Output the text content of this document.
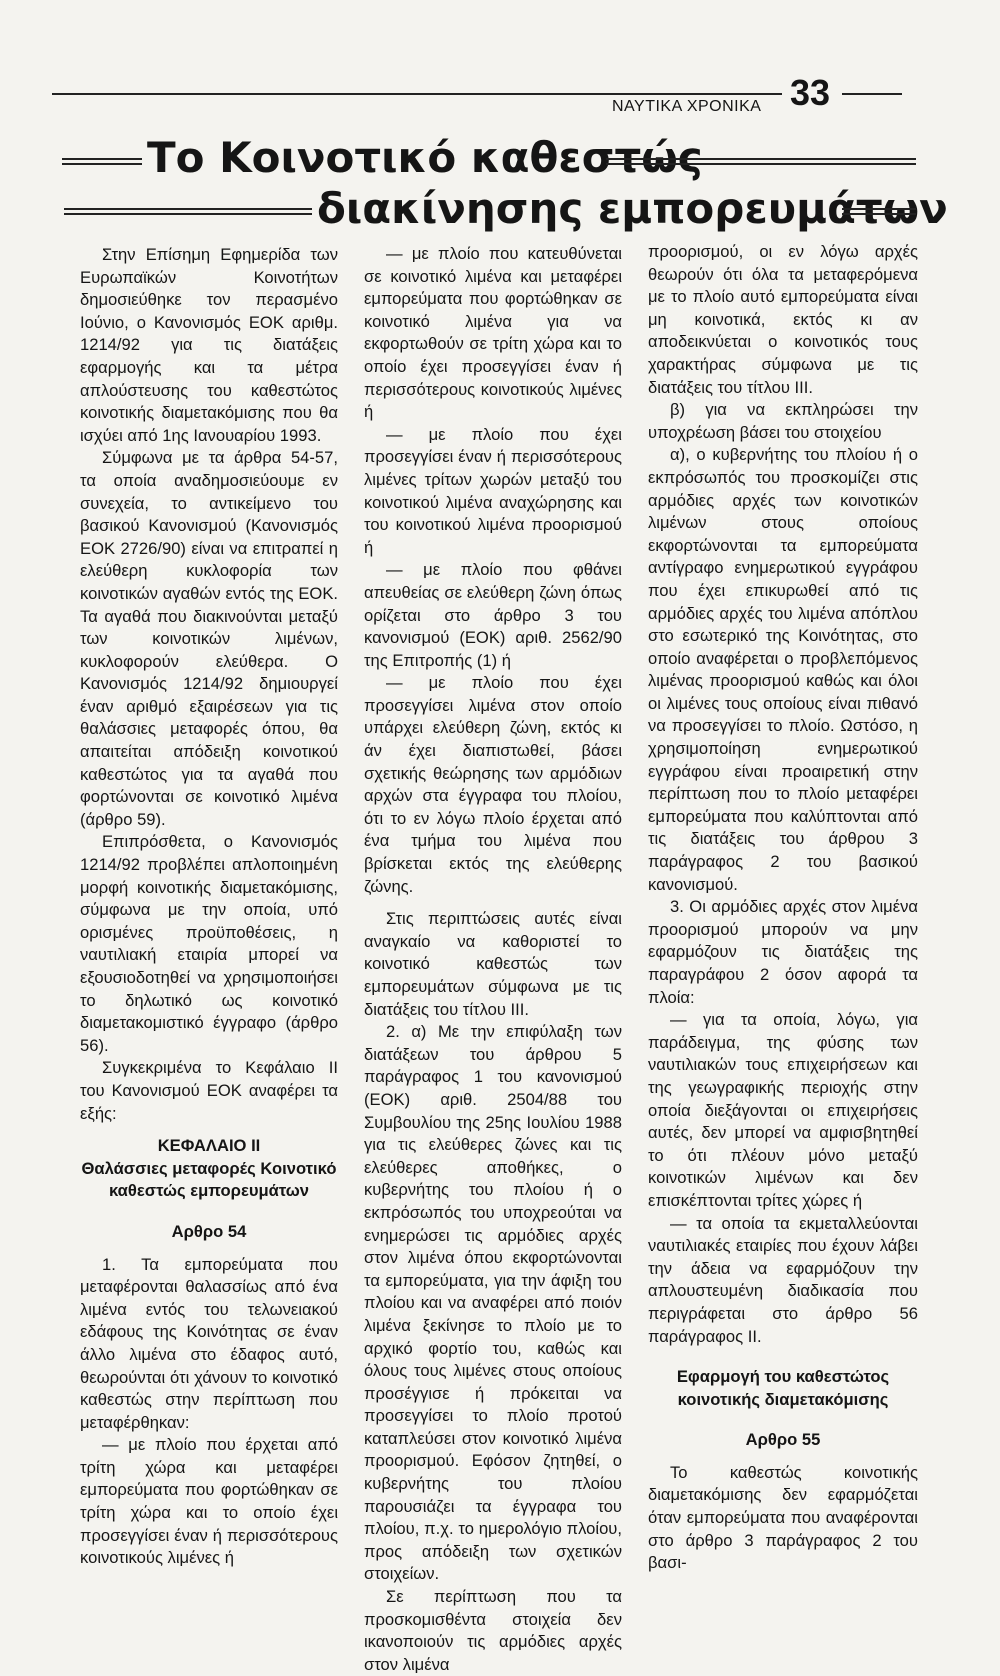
ΝΑΥΤΙΚΑ ΧΡΟΝΙΚΑ 33
Το Κοινοτικό καθεστώς
διακίνησης εμπορευμάτων

Στην Επίσημη Εφημερίδα των Ευρωπαϊκών Κοινοτήτων δημοσιεύθηκε τον περασμένο Ιούνιο, ο Κανονισμός ΕΟΚ αριθμ. 1214/92 για τις διατάξεις εφαρμογής και τα μέτρα απλούστευσης του καθεστώτος κοινοτικής διαμετακόμισης που θα ισχύει από 1ης Ιανουαρίου 1993.

Σύμφωνα με τα άρθρα 54-57, τα οποία αναδημοσιεύουμε εν συνεχεία, το αντικείμενο του βασικού Κανονισμού (Κανονισμός ΕΟΚ 2726/90) είναι να επιτραπεί η ελεύθερη κυκλοφορία των κοινοτικών αγαθών εντός της ΕΟΚ. Τα αγαθά που διακινούνται μεταξύ των κοινοτικών λιμένων, κυκλοφορούν ελεύθερα. Ο Κανονισμός 1214/92 δημιουργεί έναν αριθμό εξαιρέσεων για τις θαλάσσιες μεταφορές όπου, θα απαιτείται απόδειξη κοινοτικού καθεστώτος για τα αγαθά που φορτώνονται σε κοινοτικό λιμένα (άρθρο 59).

Επιπρόσθετα, ο Κανονισμός 1214/92 προβλέπει απλοποιημένη μορφή κοινοτικής διαμετακόμισης, σύμφωνα με την οποία, υπό ορισμένες προϋποθέσεις, η ναυτιλιακή εταιρία μπορεί να εξουσιοδοτηθεί να χρησιμοποιήσει το δηλωτικό ως κοινοτικό διαμετακομιστικό έγγραφο (άρθρο 56).

Συγκεκριμένα το Κεφάλαιο ΙΙ του Κανονισμού ΕΟΚ αναφέρει τα εξής:

ΚΕΦΑΛΑΙΟ ΙΙ

Θαλάσσιες μεταφορές Κοινοτικό καθεστώς εμπορευμάτων

Αρθρο 54

1. Τα εμπορεύματα που μεταφέρονται θαλασσίως από ένα λιμένα εντός του τελωνειακού εδάφους της Κοινότητας σε έναν άλλο λιμένα στο έδαφος αυτό, θεωρούνται ότι χάνουν το κοινοτικό καθεστώς στην περίπτωση που μεταφέρθηκαν:

— με πλοίο που έρχεται από τρίτη χώρα και μεταφέρει εμπορεύματα που φορτώθηκαν σε τρίτη χώρα και το οποίο έχει προσεγγίσει έναν ή περισσότερους κοινοτικούς λιμένες ή

— με πλοίο που κατευθύνεται σε κοινοτικό λιμένα και μεταφέρει εμπορεύματα που φορτώθηκαν σε κοινοτικό λιμένα για να εκφορτωθούν σε τρίτη χώρα και το οποίο έχει προσεγγίσει έναν ή περισσότερους κοινοτικούς λιμένες ή

— με πλοίο που έχει προσεγγίσει έναν ή περισσότερους λιμένες τρίτων χωρών μεταξύ του κοινοτικού λιμένα αναχώρησης και του κοινοτικού λιμένα προορισμού ή

— με πλοίο που φθάνει απευθείας σε ελεύθερη ζώνη όπως ορίζεται στο άρθρο 3 του κανονισμού (ΕΟΚ) αριθ. 2562/90 της Επιτροπής (1) ή

— με πλοίο που έχει προσεγγίσει λιμένα στον οποίο υπάρχει ελεύθερη ζώνη, εκτός κι άν έχει διαπιστωθεί, βάσει σχετικής θεώρησης των αρμόδιων αρχών στα έγγραφα του πλοίου, ότι το εν λόγω πλοίο έρχεται από ένα τμήμα του λιμένα που βρίσκεται εκτός της ελεύθερης ζώνης.

Στις περιπτώσεις αυτές είναι αναγκαίο να καθοριστεί το κοινοτικό καθεστώς των εμπορευμάτων σύμφωνα με τις διατάξεις του τίτλου ΙΙΙ.

2. α) Με την επιφύλαξη των διατάξεων του άρθρου 5 παράγραφος 1 του κανονισμού (ΕΟΚ) αριθ. 2504/88 του Συμβουλίου της 25ης Ιουλίου 1988 για τις ελεύθερες ζώνες και τις ελεύθερες αποθήκες, ο κυβερνήτης του πλοίου ή ο εκπρόσωπός του υποχρεούται να ενημερώσει τις αρμόδιες αρχές στον λιμένα όπου εκφορτώνονται τα εμπορεύματα, για την άφιξη του πλοίου και να αναφέρει από ποιόν λιμένα ξεκίνησε το πλοίο με το αρχικό φορτίο του, καθώς και όλους τους λιμένες στους οποίους προσέγγισε ή πρόκειται να προσεγγίσει το πλοίο προτού καταπλεύσει στον κοινοτικό λιμένα προορισμού. Εφόσον ζητηθεί, ο κυβερνήτης του πλοίου παρουσιάζει τα έγγραφα του πλοίου, π.χ. το ημερολόγιο πλοίου, προς απόδειξη των σχετικών στοιχείων.

Σε περίπτωση που τα προσκομισθέντα στοιχεία δεν ικανοποιούν τις αρμόδιες αρχές στον λιμένα

προορισμού, οι εν λόγω αρχές θεωρούν ότι όλα τα μεταφερόμενα με το πλοίο αυτό εμπορεύματα είναι μη κοινοτικά, εκτός κι αν αποδεικνύεται ο κοινοτικός τους χαρακτήρας σύμφωνα με τις διατάξεις του τίτλου ΙΙΙ.

β) για να εκπληρώσει την υποχρέωση βάσει του στοιχείου

α), ο κυβερνήτης του πλοίου ή ο εκπρόσωπός του προσκομίζει στις αρμόδιες αρχές των κοινοτικών λιμένων στους οποίους εκφορτώνονται τα εμπορεύματα αντίγραφο ενημερωτικού εγγράφου που έχει επικυρωθεί από τις αρμόδιες αρχές του λιμένα απόπλου στο εσωτερικό της Κοινότητας, στο οποίο αναφέρεται ο προβλεπόμενος λιμένας προορισμού καθώς και όλοι οι λιμένες τους οποίους είναι πιθανό να προσεγγίσει το πλοίο. Ωστόσο, η χρησιμοποίηση ενημερωτικού εγγράφου είναι προαιρετική στην περίπτωση που το πλοίο μεταφέρει εμπορεύματα που καλύπτονται από τις διατάξεις του άρθρου 3 παράγραφος 2 του βασικού κανονισμού.

3. Οι αρμόδιες αρχές στον λιμένα προορισμού μπορούν να μην εφαρμόζουν τις διατάξεις της παραγράφου 2 όσον αφορά τα πλοία:

— για τα οποία, λόγω, για παράδειγμα, της φύσης των ναυτιλιακών τους επιχειρήσεων και της γεωγραφικής περιοχής στην οποία διεξάγονται οι επιχειρήσεις αυτές, δεν μπορεί να αμφισβητηθεί το ότι πλέουν μόνο μεταξύ κοινοτικών λιμένων και δεν επισκέπτονται τρίτες χώρες ή

— τα οποία τα εκμεταλλεύονται ναυτιλιακές εταιρίες που έχουν λάβει την άδεια να εφαρμόζουν την απλουστευμένη διαδικασία που περιγράφεται στο άρθρο 56 παράγραφος ΙΙ.

Εφαρμογή του καθεστώτος κοινοτικής διαμετακόμισης

Αρθρο 55

Το καθεστώς κοινοτικής διαμετακόμισης δεν εφαρμόζεται όταν εμπορεύματα που αναφέρονται στο άρθρο 3 παράγραφος 2 του βασι-
